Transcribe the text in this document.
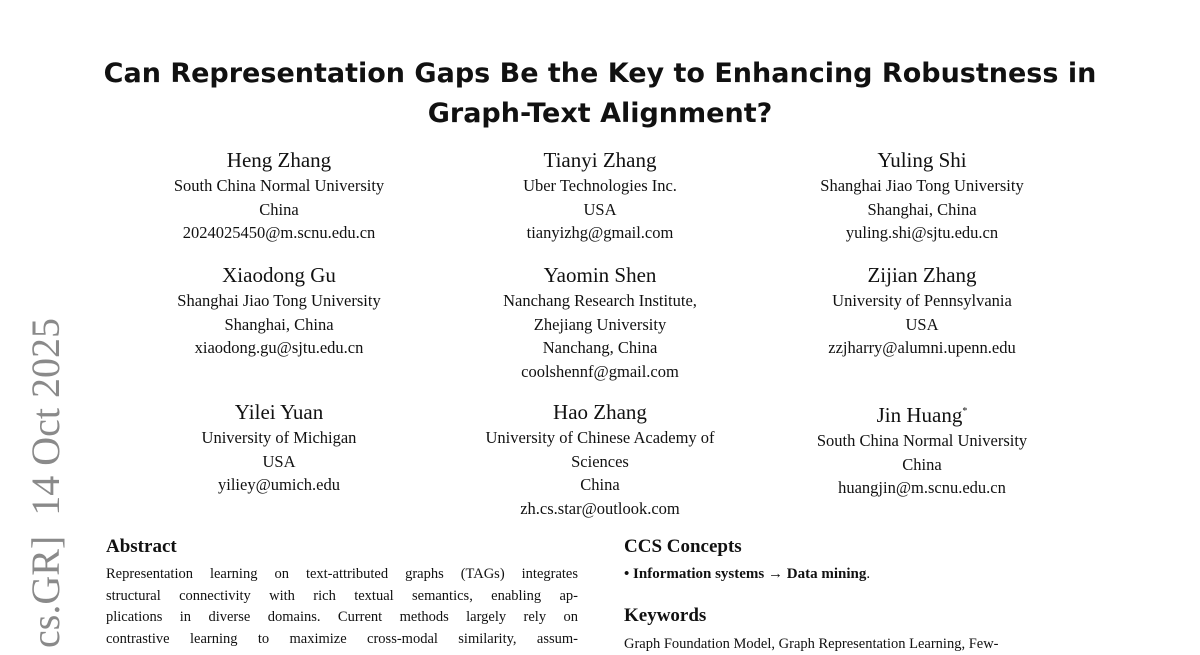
cs.GR]  14 Oct 2025
Can Representation Gaps Be the Key to Enhancing Robustness in
Graph-Text Alignment?
Heng Zhang
South China Normal University
China
2024025450@m.scnu.edu.cn
Tianyi Zhang
Uber Technologies Inc.
USA
tianyizhg@gmail.com
Yuling Shi
Shanghai Jiao Tong University
Shanghai, China
yuling.shi@sjtu.edu.cn
Xiaodong Gu
Shanghai Jiao Tong University
Shanghai, China
xiaodong.gu@sjtu.edu.cn
Yaomin Shen
Nanchang Research Institute,
Zhejiang University
Nanchang, China
coolshennf@gmail.com
Zijian Zhang
University of Pennsylvania
USA
zzjharry@alumni.upenn.edu
Yilei Yuan
University of Michigan
USA
yiliey@umich.edu
Hao Zhang
University of Chinese Academy of
Sciences
China
zh.cs.star@outlook.com
Jin Huang*
South China Normal University
China
huangjin@m.scnu.edu.cn
Abstract
Representation learning on text-attributed graphs (TAGs) integrates
structural connectivity with rich textual semantics, enabling ap-
plications in diverse domains. Current methods largely rely on
contrastive learning to maximize cross-modal similarity, assum-
CCS Concepts
• Information systems → Data mining.
Keywords
Graph Foundation Model, Graph Representation Learning, Few-
